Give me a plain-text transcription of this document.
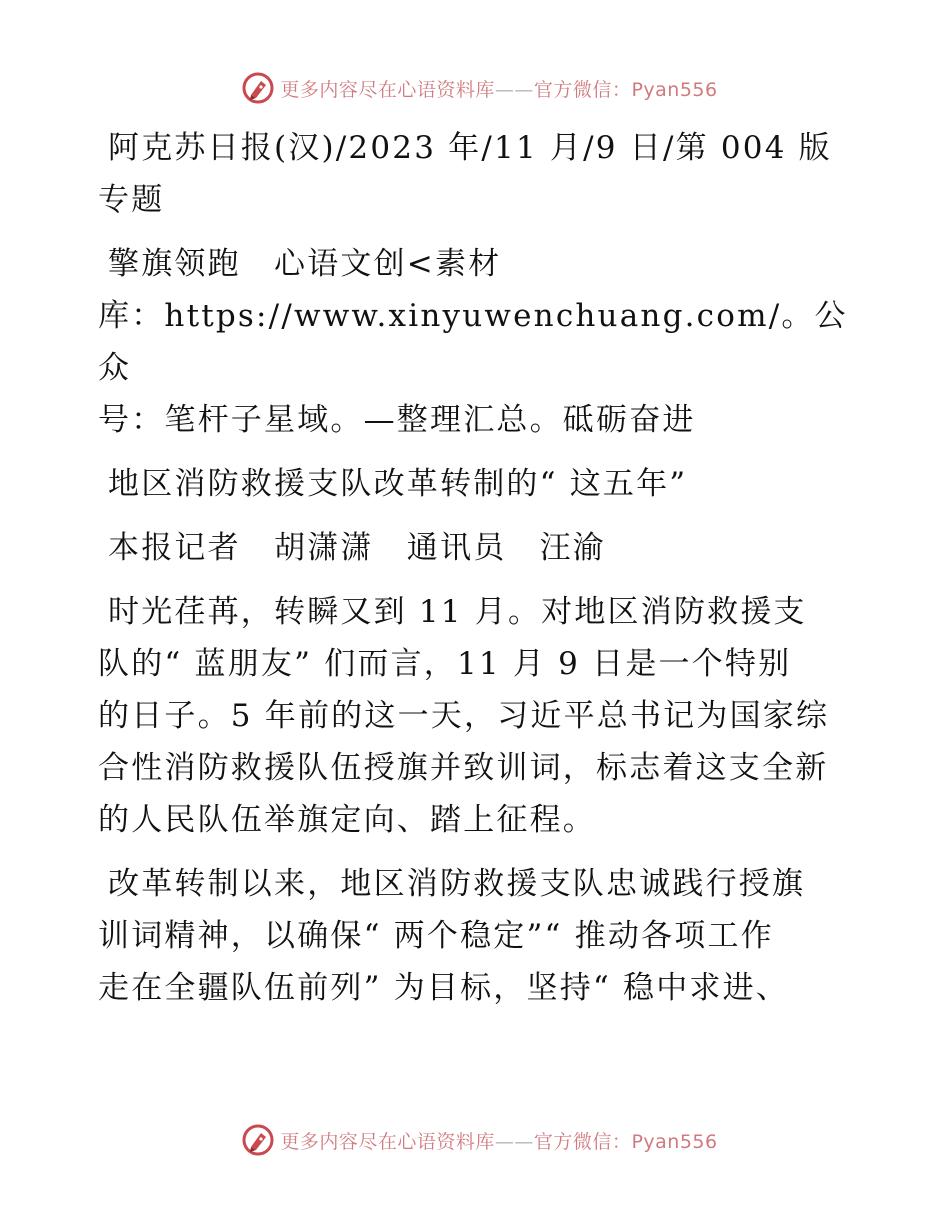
更多内容尽在心语资料库——官方微信：Pyan556
阿克苏日报(汉)/2023 年/11 月/9 日/第 004 版
专题
擎旗领跑　心语文创<素材
库：https://www.xinyuwenchuang.com/。公众
号：笔杆子星域。—整理汇总。砥砺奋进
地区消防救援支队改革转制的“ 这五年”
本报记者　胡潇潇　通讯员　汪渝
时光荏苒，转瞬又到 11 月。对地区消防救援支
队的“ 蓝朋友” 们而言，11 月 9 日是一个特别
的日子。5 年前的这一天，习近平总书记为国家综
合性消防救援队伍授旗并致训词，标志着这支全新
的人民队伍举旗定向、踏上征程。
改革转制以来，地区消防救援支队忠诚践行授旗
训词精神，以确保“ 两个稳定”“ 推动各项工作
走在全疆队伍前列” 为目标，坚持“ 稳中求进、
更多内容尽在心语资料库——官方微信：Pyan556
